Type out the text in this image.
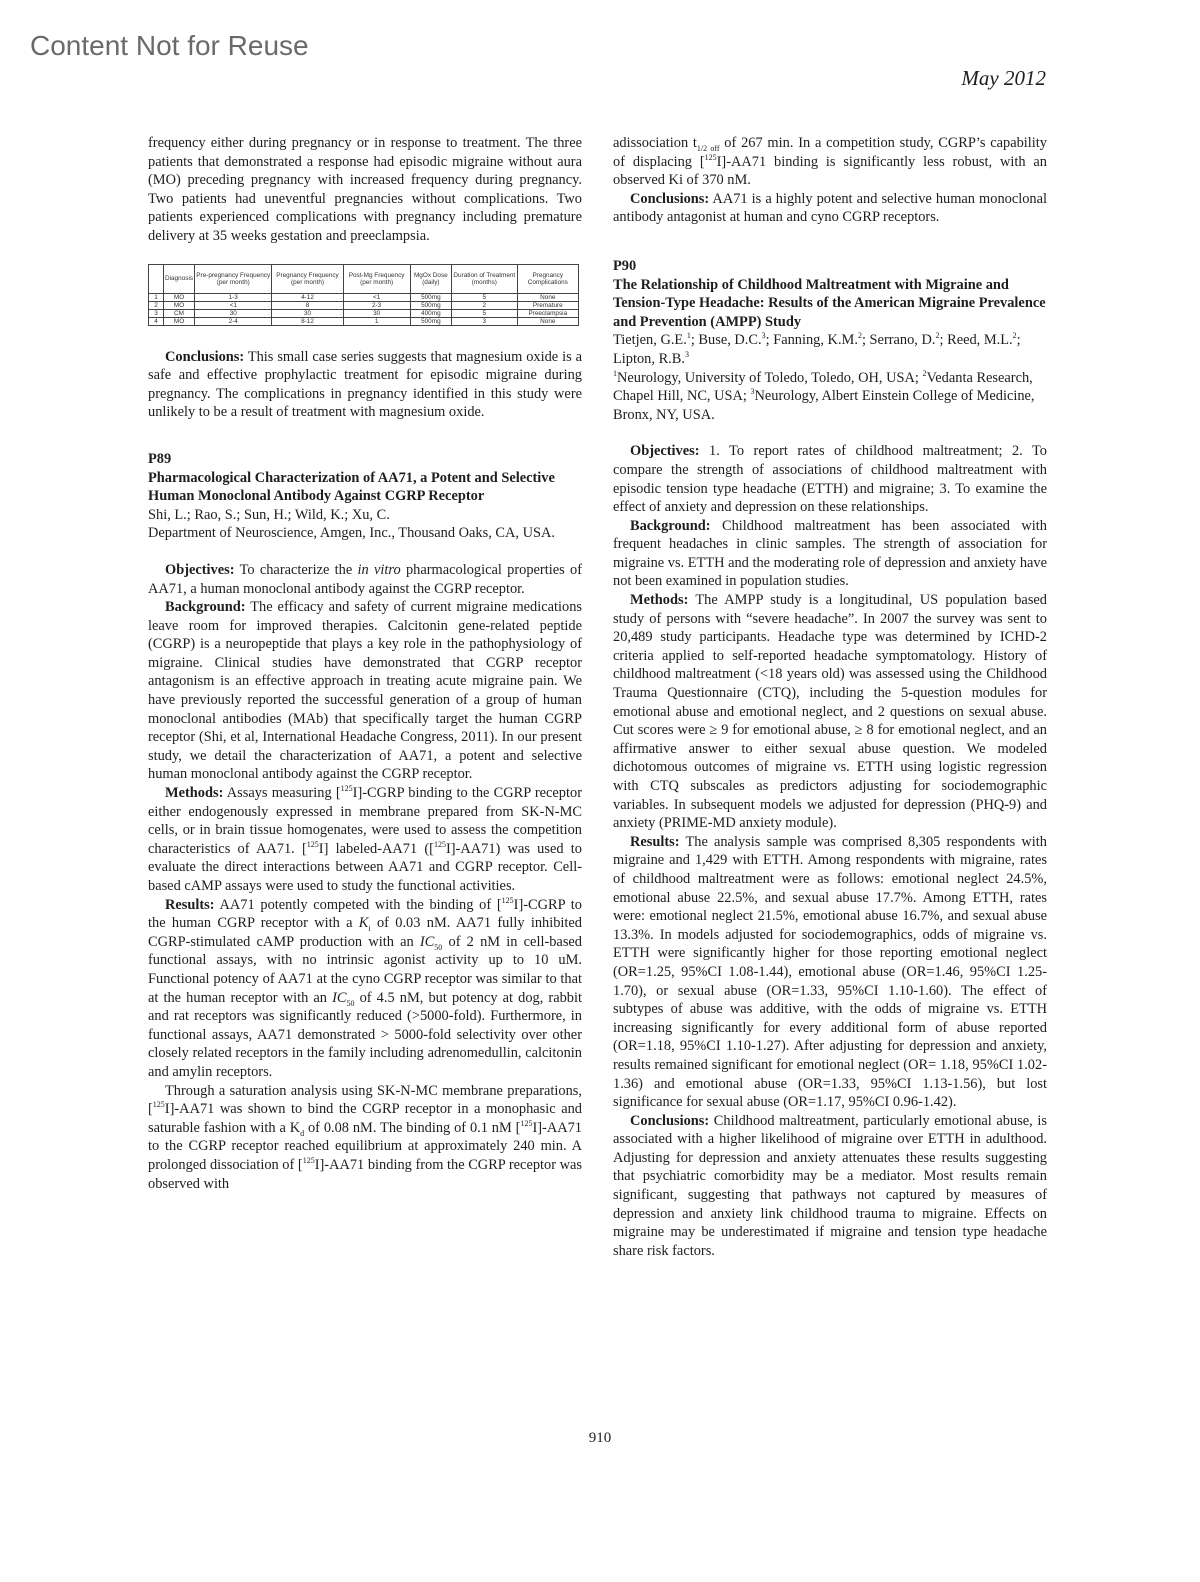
Content Not for Reuse
May 2012

frequency either during pregnancy or in response to treatment. The three patients that demonstrated a response had episodic migraine without aura (MO) preceding pregnancy with increased frequency during pregnancy. Two patients had uneventful pregnancies without complications. Two patients experienced complications with pregnancy including premature delivery at 35 weeks gestation and preeclampsia.

	Diagnosis	Pre-pregnancy Frequency (per month)	Pregnancy Frequency (per month)	Post-Mg Frequency (per month)	MgOx Dose (daily)	Duration of Treatment (months)	Pregnancy Complications
1	MO	1-3	4-12	<1	500mg	5	None
2	MO	<1	8	2-3	500mg	2	Premature
3	CM	30	30	30	400mg	5	Preeclampsia
4	MO	2-4	8-12	1	500mg	3	None

Conclusions: This small case series suggests that magnesium oxide is a safe and effective prophylactic treatment for episodic migraine during pregnancy. The complications in pregnancy identified in this study were unlikely to be a result of treatment with magnesium oxide.

P89

Pharmacological Characterization of AA71, a Potent and Selective Human Monoclonal Antibody Against CGRP Receptor

Shi, L.; Rao, S.; Sun, H.; Wild, K.; Xu, C.

Department of Neuroscience, Amgen, Inc., Thousand Oaks, CA, USA.

Objectives: To characterize the in vitro pharmacological properties of AA71, a human monoclonal antibody against the CGRP receptor.

Background: The efficacy and safety of current migraine medications leave room for improved therapies. Calcitonin gene-related peptide (CGRP) is a neuropeptide that plays a key role in the pathophysiology of migraine. Clinical studies have demonstrated that CGRP receptor antagonism is an effective approach in treating acute migraine pain. We have previously reported the successful generation of a group of human monoclonal antibodies (MAb) that specifically target the human CGRP receptor (Shi, et al, International Headache Congress, 2011). In our present study, we detail the characterization of AA71, a potent and selective human monoclonal antibody against the CGRP receptor.

Methods: Assays measuring [$^{125}$I]-CGRP binding to the CGRP receptor either endogenously expressed in membrane prepared from SK-N-MC cells, or in brain tissue homogenates, were used to assess the competition characteristics of AA71. [$^{125}$I] labeled-AA71 ([$^{125}$I]-AA71) was used to evaluate the direct interactions between AA71 and CGRP receptor. Cell-based cAMP assays were used to study the functional activities.

Results: AA71 potently competed with the binding of [$^{125}$I]-CGRP to the human CGRP receptor with a $K_i$ of 0.03 nM. AA71 fully inhibited CGRP-stimulated cAMP production with an $IC_{50}$ of 2 nM in cell-based functional assays, with no intrinsic agonist activity up to 10 uM. Functional potency of AA71 at the cyno CGRP receptor was similar to that at the human receptor with an $IC_{50}$ of 4.5 nM, but potency at dog, rabbit and rat receptors was significantly reduced (>5000-fold). Furthermore, in functional assays, AA71 demonstrated > 5000-fold selectivity over other closely related receptors in the family including adrenomedullin, calcitonin and amylin receptors.

Through a saturation analysis using SK-N-MC membrane preparations, [$^{125}$I]-AA71 was shown to bind the CGRP receptor in a monophasic and saturable fashion with a $K_d$ of 0.08 nM. The binding of 0.1 nM [$^{125}$I]-AA71 to the CGRP receptor reached equilibrium at approximately 240 min. A prolonged dissociation of [$^{125}$I]-AA71 binding from the CGRP receptor was observed with

adissociation $t_{1/2 off}$ of 267 min. In a competition study, CGRP’s capability of displacing [$^{125}$I]-AA71 binding is significantly less robust, with an observed Ki of 370 nM.

Conclusions: AA71 is a highly potent and selective human monoclonal antibody antagonist at human and cyno CGRP receptors.

P90

The Relationship of Childhood Maltreatment with Migraine and Tension-Type Headache: Results of the American Migraine Prevalence and Prevention (AMPP) Study

Tietjen, G.E.$^1$; Buse, D.C.$^3$; Fanning, K.M.$^2$; Serrano, D.$^2$; Reed, M.L.$^2$; Lipton, R.B.$^3$

$^1$Neurology, University of Toledo, Toledo, OH, USA; $^2$Vedanta Research, Chapel Hill, NC, USA; $^3$Neurology, Albert Einstein College of Medicine, Bronx, NY, USA.

Objectives: 1. To report rates of childhood maltreatment; 2. To compare the strength of associations of childhood maltreatment with episodic tension type headache (ETTH) and migraine; 3. To examine the effect of anxiety and depression on these relationships.

Background: Childhood maltreatment has been associated with frequent headaches in clinic samples. The strength of association for migraine vs. ETTH and the moderating role of depression and anxiety have not been examined in population studies.

Methods: The AMPP study is a longitudinal, US population based study of persons with “severe headache”. In 2007 the survey was sent to 20,489 study participants. Headache type was determined by ICHD-2 criteria applied to self-reported headache symptomatology. History of childhood maltreatment (<18 years old) was assessed using the Childhood Trauma Questionnaire (CTQ), including the 5-question modules for emotional abuse and emotional neglect, and 2 questions on sexual abuse. Cut scores were ≥ 9 for emotional abuse, ≥ 8 for emotional neglect, and an affirmative answer to either sexual abuse question. We modeled dichotomous outcomes of migraine vs. ETTH using logistic regression with CTQ subscales as predictors adjusting for sociodemographic variables. In subsequent models we adjusted for depression (PHQ-9) and anxiety (PRIME-MD anxiety module).

Results: The analysis sample was comprised 8,305 respondents with migraine and 1,429 with ETTH. Among respondents with migraine, rates of childhood maltreatment were as follows: emotional neglect 24.5%, emotional abuse 22.5%, and sexual abuse 17.7%. Among ETTH, rates were: emotional neglect 21.5%, emotional abuse 16.7%, and sexual abuse 13.3%. In models adjusted for sociodemographics, odds of migraine vs. ETTH were significantly higher for those reporting emotional neglect (OR=1.25, 95%CI 1.08-1.44), emotional abuse (OR=1.46, 95%CI 1.25-1.70), or sexual abuse (OR=1.33, 95%CI 1.10-1.60). The effect of subtypes of abuse was additive, with the odds of migraine vs. ETTH increasing significantly for every additional form of abuse reported (OR=1.18, 95%CI 1.10-1.27). After adjusting for depression and anxiety, results remained significant for emotional neglect (OR= 1.18, 95%CI 1.02-1.36) and emotional abuse (OR=1.33, 95%CI 1.13-1.56), but lost significance for sexual abuse (OR=1.17, 95%CI 0.96-1.42).

Conclusions: Childhood maltreatment, particularly emotional abuse, is associated with a higher likelihood of migraine over ETTH in adulthood. Adjusting for depression and anxiety attenuates these results suggesting that psychiatric comorbidity may be a mediator. Most results remain significant, suggesting that pathways not captured by measures of depression and anxiety link childhood trauma to migraine. Effects on migraine may be underestimated if migraine and tension type headache share risk factors.

910
